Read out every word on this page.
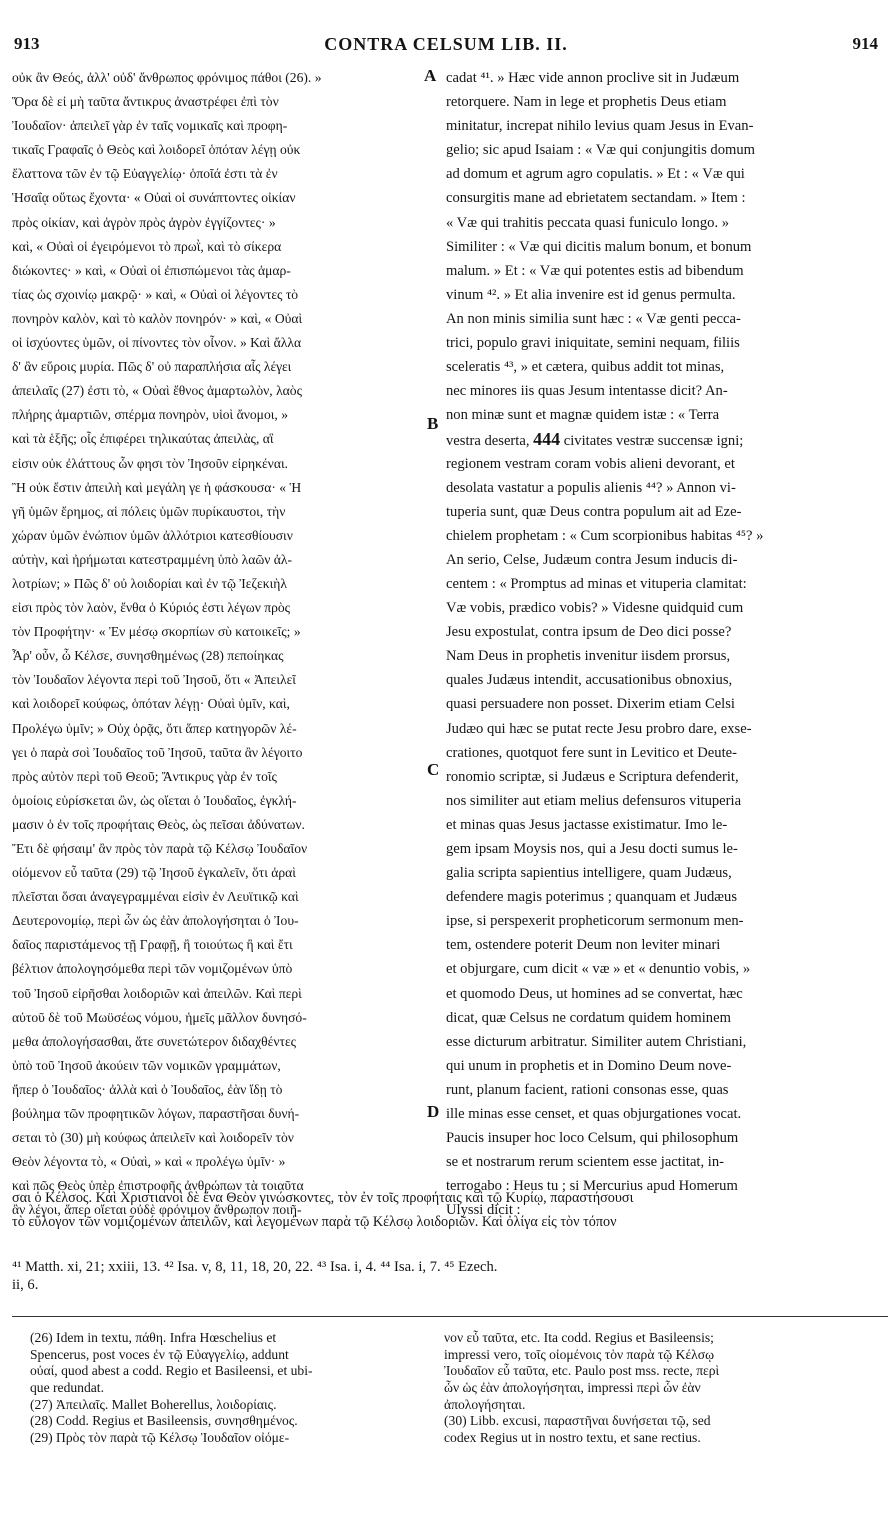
913	CONTRA CELSUM LIB. II.	914
οὐκ ἂν Θεός, ἀλλ' οὐδ' ἄνθρωπος φρόνιμος πάθοι (26). »
Ὅρα δὲ εἰ μὴ ταῦτα ἄντικρυς ἀναστρέφει ἐπὶ τὸν
Ἰουδαῖον· ἀπειλεῖ γὰρ ἐν ταῖς νομικαῖς καὶ προφη-
τικαῖς Γραφαῖς ὁ Θεὸς καὶ λοιδορεῖ ὁπόταν λέγῃ οὐκ
ἔλαττονα τῶν ἐν τῷ Εὐαγγελίῳ· ὁποῖά ἐστι τὰ ἐν
Ἡσαΐᾳ οὕτως ἔχοντα· « Οὐαὶ οἱ συνάπτοντες οἰκίαν
πρὸς οἰκίαν, καὶ ἀγρὸν πρὸς ἀγρὸν ἐγγίζοντες· »
καὶ, « Οὐαὶ οἱ ἐγειρόμενοι τὸ πρωῒ, καὶ τὸ σίκερα
διώκοντες· » καὶ, « Οὐαὶ οἱ ἐπισπώμενοι τὰς ἁμαρ-
τίας ὡς σχοινίῳ μακρῷ· » καὶ, « Οὐαὶ οἱ λέγοντες τὸ
πονηρὸν καλὸν, καὶ τὸ καλὸν πονηρόν· » καὶ, « Οὐαὶ
οἱ ἰσχύοντες ὑμῶν, οἱ πίνοντες τὸν οἶνον. » Καὶ ἄλλα
δ' ἂν εὕροις μυρία. Πῶς δ' οὐ παραπλήσια αἷς λέγει
ἀπειλαῖς (27) ἐστι τὸ, « Οὐαὶ ἔθνος ἁμαρτωλὸν, λαὸς
πλήρης ἁμαρτιῶν, σπέρμα πονηρὸν, υἱοὶ ἄνομοι, »
καὶ τὰ ἑξῆς; οἷς ἐπιφέρει τηλικαύτας ἀπειλὰς, αἳ
εἰσιν οὐκ ἐλάττους ὧν φησι τὸν Ἰησοῦν εἰρηκέναι.
Ἢ οὐκ ἔστιν ἀπειλὴ καὶ μεγάλη γε ἡ φάσκουσα· « Ἡ
γῆ ὑμῶν ἔρημος, αἱ πόλεις ὑμῶν πυρίκαυστοι, τὴν
χώραν ὑμῶν ἐνώπιον ὑμῶν ἀλλότριοι κατεσθίουσιν
αὐτὴν, καὶ ἠρήμωται κατεστραμμένη ὑπὸ λαῶν ἀλ-
λοτρίων; » Πῶς δ' οὐ λοιδορίαι καὶ ἐν τῷ Ἰεζεκιὴλ
εἰσι πρὸς τὸν λαὸν, ἔνθα ὁ Κύριός ἐστι λέγων πρὸς
τὸν Προφήτην· « Ἐν μέσῳ σκορπίων σὺ κατοικεῖς; »
Ἆρ' οὖν, ὦ Κέλσε, συνησθημένως (28) πεποίηκας
τὸν Ἰουδαῖον λέγοντα περὶ τοῦ Ἰησοῦ, ὅτι « Ἀπειλεῖ
καὶ λοιδορεῖ κούφως, ὁπόταν λέγῃ· Οὐαὶ ὑμῖν, καὶ,
Προλέγω ὑμῖν; » Οὐχ ὁρᾷς, ὅτι ἅπερ κατηγορῶν λέ-
γει ὁ παρὰ σοὶ Ἰουδαῖος τοῦ Ἰησοῦ, ταῦτα ἂν λέγοιτο
πρὸς αὐτὸν περὶ τοῦ Θεοῦ; Ἄντικρυς γὰρ ἐν τοῖς
ὁμοίοις εὑρίσκεται ὢν, ὡς οἴεται ὁ Ἰουδαῖος, ἐγκλή-
μασιν ὁ ἐν τοῖς προφήταις Θεὸς, ὡς πεῖσαι ἀδύνατων.
Ἔτι δὲ φήσαιμ' ἂν πρὸς τὸν παρὰ τῷ Κέλσῳ Ἰουδαῖον
οἰόμενον εὖ ταῦτα (29) τῷ Ἰησοῦ ἐγκαλεῖν, ὅτι ἀραὶ
πλεῖσται ὅσαι ἀναγεγραμμέναι εἰσὶν ἐν Λευϊτικῷ καὶ
Δευτερονομίῳ, περὶ ὧν ὡς ἐὰν ἀπολογήσηται ὁ Ἰου-
δαῖος παριστάμενος τῇ Γραφῇ, ἢ τοιούτως ἢ καὶ ἔτι
βέλτιον ἀπολογησόμεθα περὶ τῶν νομιζομένων ὑπὸ
τοῦ Ἰησοῦ εἰρῆσθαι λοιδοριῶν καὶ ἀπειλῶν. Καὶ περὶ
αὐτοῦ δὲ τοῦ Μωϋσέως νόμου, ἡμεῖς μᾶλλον δυνησό-
μεθα ἀπολογήσασθαι, ἅτε συνετώτερον διδαχθέντες
ὑπὸ τοῦ Ἰησοῦ ἀκούειν τῶν νομικῶν γραμμάτων,
ἤπερ ὁ Ἰουδαῖος· ἀλλὰ καὶ ὁ Ἰουδαῖος, ἐὰν ἴδῃ τὸ
βούλημα τῶν προφητικῶν λόγων, παραστῆσαι δυνή-
σεται τὸ (30) μὴ κούφως ἀπειλεῖν καὶ λοιδορεῖν τὸν
Θεὸν λέγοντα τὸ, « Οὐαὶ, » καὶ « προλέγω ὑμῖν· »
καὶ πῶς Θεὸς ὑπὲρ ἐπιστροφῆς ἀνθρώπων τὰ τοιαῦτα
ἂν λέγοι, ἅπερ οἴεται οὐδὲ φρόνιμον ἄνθρωπον ποιῆ-
cadat ⁴¹. » Hæc vide annon proclive sit in Judæum
retorquere. Nam in lege et prophetis Deus etiam
minitatur, increpat nihilo levius quam Jesus in Evan-
gelio; sic apud Isaiam : « Væ qui conjungitis domum
ad domum et agrum agro copulatis. » Et : « Væ qui
consurgitis mane ad ebrietatem sectandam. » Item :
« Væ qui trahitis peccata quasi funiculo longo. »
Similiter : « Væ qui dicitis malum bonum, et bonum
malum. » Et : « Væ qui potentes estis ad bibendum
vinum ⁴². » Et alia invenire est id genus permulta.
An non minis similia sunt hæc : « Væ genti pecca-
trici, populo gravi iniquitate, semini nequam, filiis
sceleratis ⁴³, » et cætera, quibus addit tot minas,
nec minores iis quas Jesum intentasse dicit? An-
non minæ sunt et magnæ quidem istæ : « Terra
vestra deserta, 444 civitates vestræ succensæ igni;
regionem vestram coram vobis alieni devorant, et
desolata vastatur a populis alienis ⁴⁴? » Annon vi-
tuperia sunt, quæ Deus contra populum ait ad Eze-
chielem prophetam : « Cum scorpionibus habitas ⁴⁵? »
An serio, Celse, Judæum contra Jesum inducis di-
centem : « Promptus ad minas et vituperia clamitat:
Væ vobis, prædico vobis? » Videsne quidquid cum
Jesu expostulat, contra ipsum de Deo dici posse?
Nam Deus in prophetis invenitur iisdem prorsus,
quales Judæus intendit, accusationibus obnoxius,
quasi persuadere non posset. Dixerim etiam Celsi
Judæo qui hæc se putat recte Jesu probro dare, exse-
crationes, quotquot fere sunt in Levitico et Deute-
ronomio scriptæ, si Judæus e Scriptura defenderit,
nos similiter aut etiam melius defensuros vituperia
et minas quas Jesus jactasse existimatur. Imo le-
gem ipsam Moysis nos, qui a Jesu docti sumus le-
galia scripta sapientius intelligere, quam Judæus,
defendere magis poterimus ; quanquam et Judæus
ipse, si perspexerit propheticorum sermonum men-
tem, ostendere poterit Deum non leviter minari
et objurgare, cum dicit « væ » et « denuntio vobis, »
et quomodo Deus, ut homines ad se convertat, hæc
dicat, quæ Celsus ne cordatum quidem hominem
esse dicturum arbitratur. Similiter autem Christiani,
qui unum in prophetis et in Domino Deum nove-
runt, planum facient, rationi consonas esse, quas
ille minas esse censet, et quas objurgationes vocat.
Paucis insuper hoc loco Celsum, qui philosophum
se et nostrarum rerum scientem esse jactitat, in-
terrogabo : Heus tu ; si Mercurius apud Homerum
Ulyssi dicit :
A
B
C
D
σαι ὁ Κέλσος. Καὶ Χριστιανοὶ δὲ ἕνα Θεὸν γινώσκοντες, τὸν ἐν τοῖς προφήταις καὶ τῷ Κυρίῳ, παραστήσουσι
τὸ εὔλογον τῶν νομιζομένων ἀπειλῶν, καὶ λεγομένων παρὰ τῷ Κέλσῳ λοιδοριῶν. Καὶ ὀλίγα εἰς τὸν τόπον
⁴¹ Matth. xi, 21; xxiii, 13. ⁴² Isa. v, 8, 11, 18, 20, 22. ⁴³ Isa. i, 4. ⁴⁴ Isa. i, 7. ⁴⁵ Ezech.
ii, 6.
(26) Idem in textu, πάθη. Infra Hœschelius et
Spencerus, post voces ἐν τῷ Εὐαγγελίῳ, addunt
οὐαί, quod abest a codd. Regio et Basileensi, et ubi-
que redundat.
(27) Ἀπειλαῖς. Mallet Boherellus, λοιδορίαις.
(28) Codd. Regius et Basileensis, συνησθημένος.
(29) Πρὸς τὸν παρὰ τῷ Κέλσῳ Ἰουδαῖον οἰόμε-
νον εὖ ταῦτα, etc. Ita codd. Regius et Basileensis;
impressi vero, τοῖς οἰομένοις τὸν παρὰ τῷ Κέλσῳ
Ἰουδαῖον εὖ ταῦτα, etc. Paulo post mss. recte, περὶ
ὧν ὡς ἐὰν ἀπολογήσηται, impressi περὶ ὧν ἐὰν
ἀπολογήσηται.
(30) Libb. excusi, παραστῆναι δυνήσεται τῷ, sed
codex Regius ut in nostro textu, et sane rectius.
